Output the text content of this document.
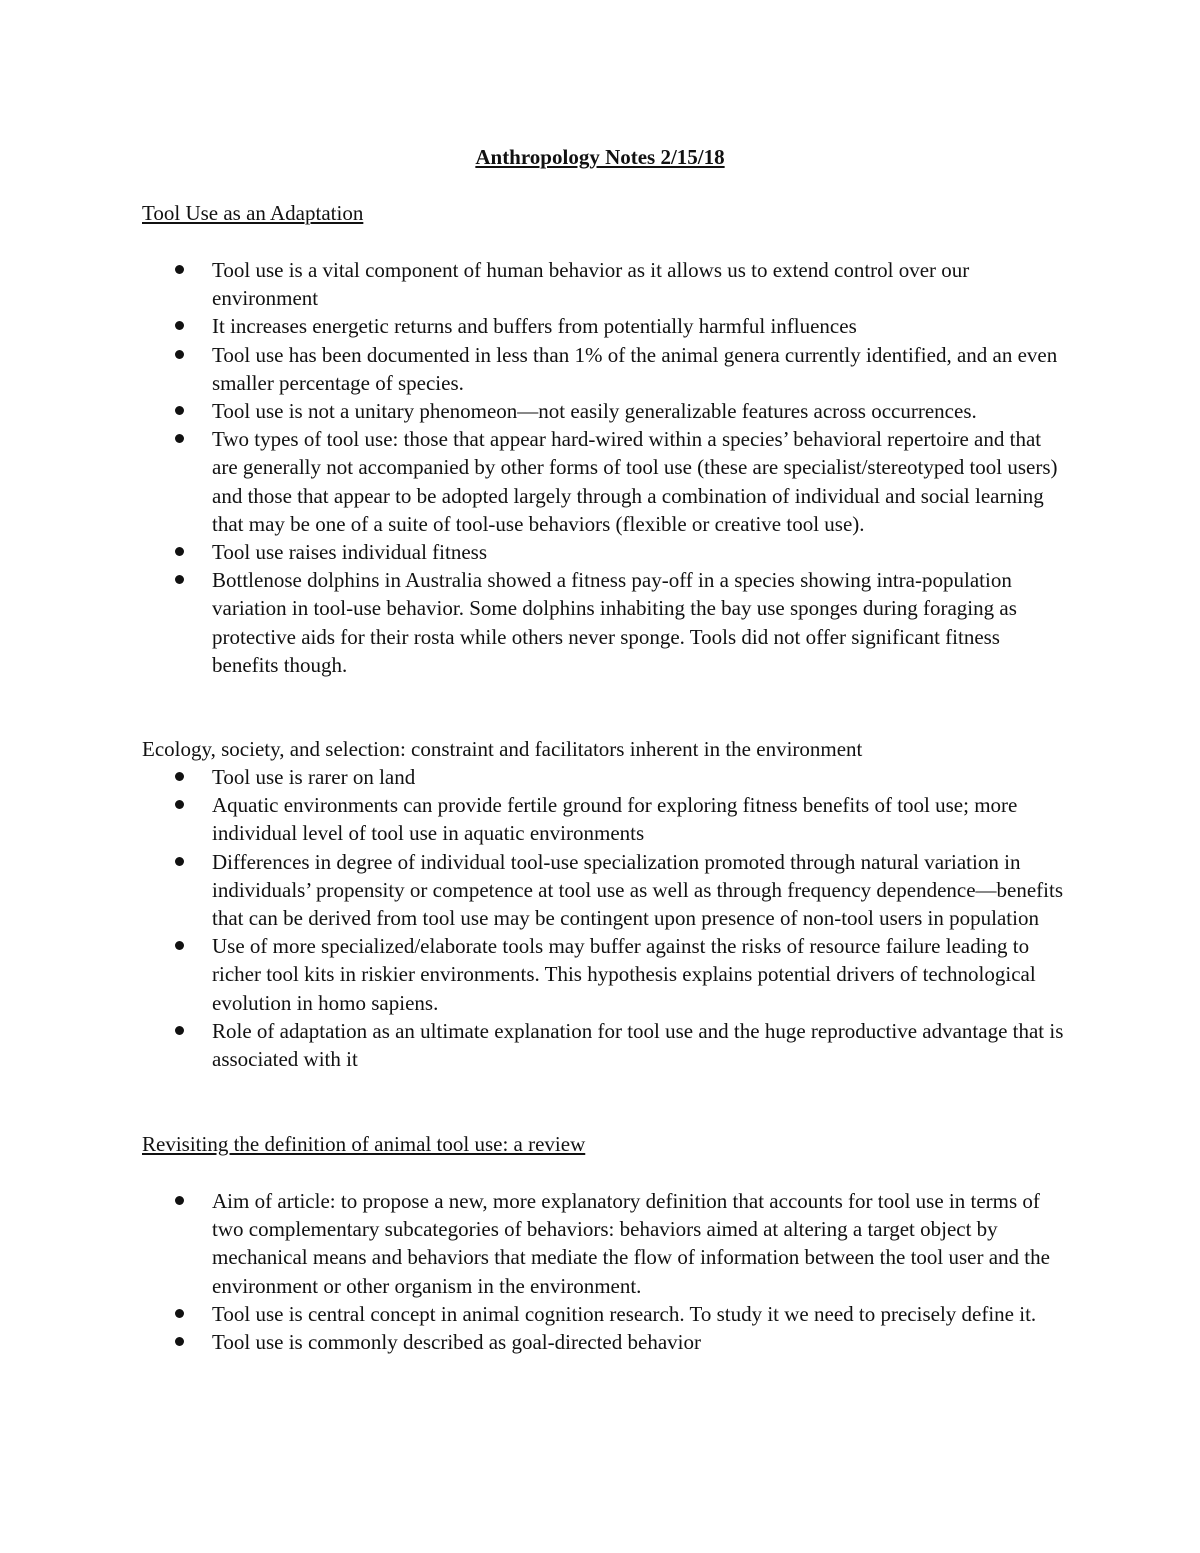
Anthropology Notes 2/15/18
Tool Use as an Adaptation
Tool use is a vital component of human behavior as it allows us to extend control over our environment
It increases energetic returns and buffers from potentially harmful influences
Tool use has been documented in less than 1% of the animal genera currently identified, and an even smaller percentage of species.
Tool use is not a unitary phenomeon—not easily generalizable features across occurrences.
Two types of tool use: those that appear hard-wired within a species’ behavioral repertoire and that are generally not accompanied by other forms of tool use (these are specialist/stereotyped tool users) and those that appear to be adopted largely through a combination of individual and social learning that may be one of a suite of tool-use behaviors (flexible or creative tool use).
Tool use raises individual fitness
Bottlenose dolphins in Australia showed a fitness pay-off in a species showing intra-population variation in tool-use behavior. Some dolphins inhabiting the bay use sponges during foraging as protective aids for their rosta while others never sponge. Tools did not offer significant fitness benefits though.
Ecology, society, and selection: constraint and facilitators inherent in the environment
Tool use is rarer on land
Aquatic environments can provide fertile ground for exploring fitness benefits of tool use; more individual level of tool use in aquatic environments
Differences in degree of individual tool-use specialization promoted through natural variation in individuals’ propensity or competence at tool use as well as through frequency dependence—benefits that can be derived from tool use may be contingent upon presence of non-tool users in population
Use of more specialized/elaborate tools may buffer against the risks of resource failure leading to richer tool kits in riskier environments. This hypothesis explains potential drivers of technological evolution in homo sapiens.
Role of adaptation as an ultimate explanation for tool use and the huge reproductive advantage that is associated with it
Revisiting the definition of animal tool use: a review
Aim of article: to propose a new, more explanatory definition that accounts for tool use in terms of two complementary subcategories of behaviors: behaviors aimed at altering a target object by mechanical means and behaviors that mediate the flow of information between the tool user and the environment or other organism in the environment.
Tool use is central concept in animal cognition research. To study it we need to precisely define it.
Tool use is commonly described as goal-directed behavior
